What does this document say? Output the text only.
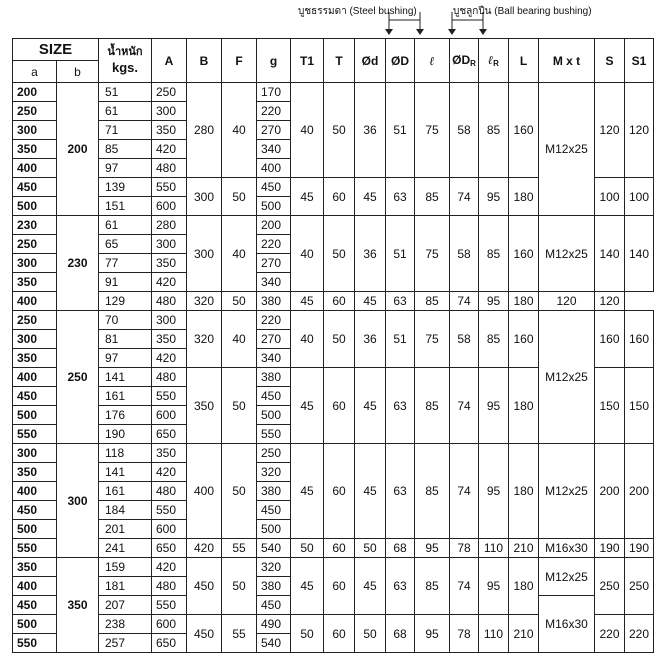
บูชธรรมดา (Steel bushing)	บูชลูกปืน (Ball bearing bushing)
SIZE		น้ำหนัก
kgs.	A	B	F	g	T1	T	Ød	ØD	ℓ	$ØD_R$	ℓ$_R$	L	M x t	S	S1
a	b																
200	200	51	250	280	40	170	40	50	36	51	75	58	85	160	M12x25	120	120
250		61	300			220											
300		71	350			270											
350		85	420			340											
400		97	480			400											
450		139	550	300	50	450	45	60	45	63	85	74	95	180		100	100
500		151	600			500											
230	230	61	280	300	40	200	40	50	36	51	75	58	85	160	M12x25	140	140
250		65	300			220											
300		77	350			270											
350		91	420			340											
400		129	480	320	50	380	45	60	45	63	85	74	95	180	120	120	
250	250	70	300	320	40	220	40	50	36	51	75	58	85	160	M12x25	160	160
300		81	350			270											
350		97	420			340											
400		141	480	350	50	380	45	60	45	63	85	74	95	180		150	150
450		161	550			450											
500		176	600			500											
550		190	650			550											
300	300	118	350	400	50	250	45	60	45	63	85	74	95	180	M12x25	200	200
350		141	420			320											
400		161	480			380											
450		184	550			450											
500		201	600			500											
550		241	650	420	55	540	50	60	50	68	95	78	110	210	M16x30	190	190
350	350	159	420	450	50	320	45	60	45	63	85	74	95	180	M12x25	250	250
400		181	480			380											
450		207	550			450									M16x30		
500		238	600	450	55	490	50	60	50	68	95	78	110	210		220	220
550		257	650			540											
